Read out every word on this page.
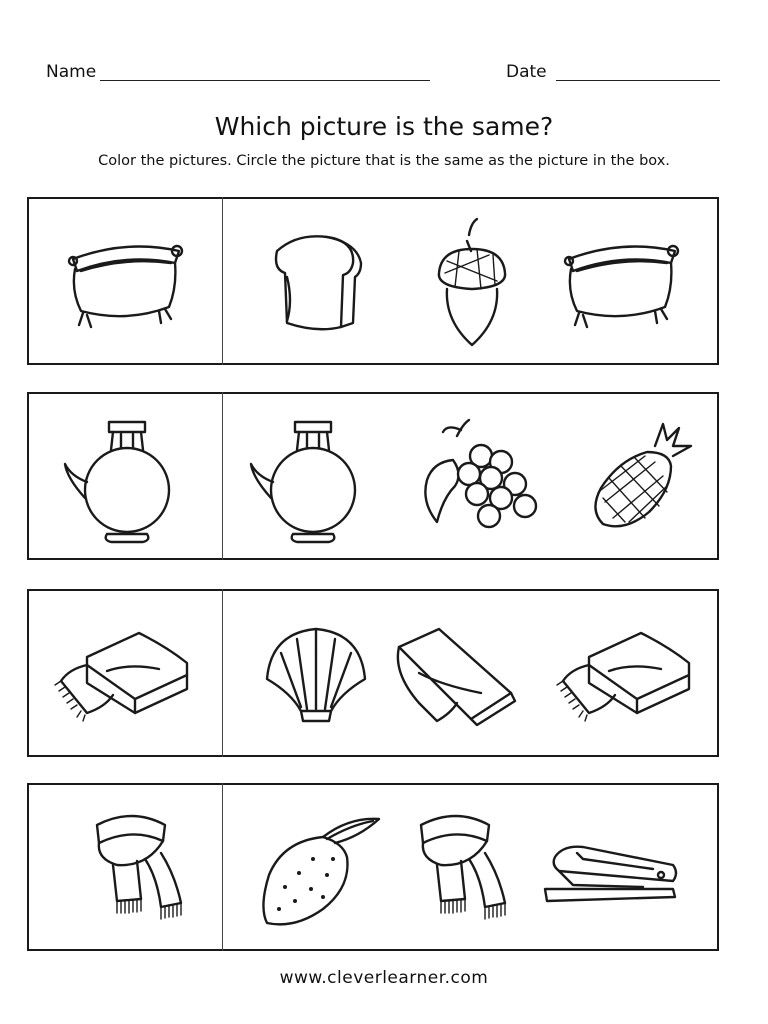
Name	Date
Which picture is the same?
Color the pictures. Circle the picture that is the same as the picture in the box.
www.cleverlearner.com
